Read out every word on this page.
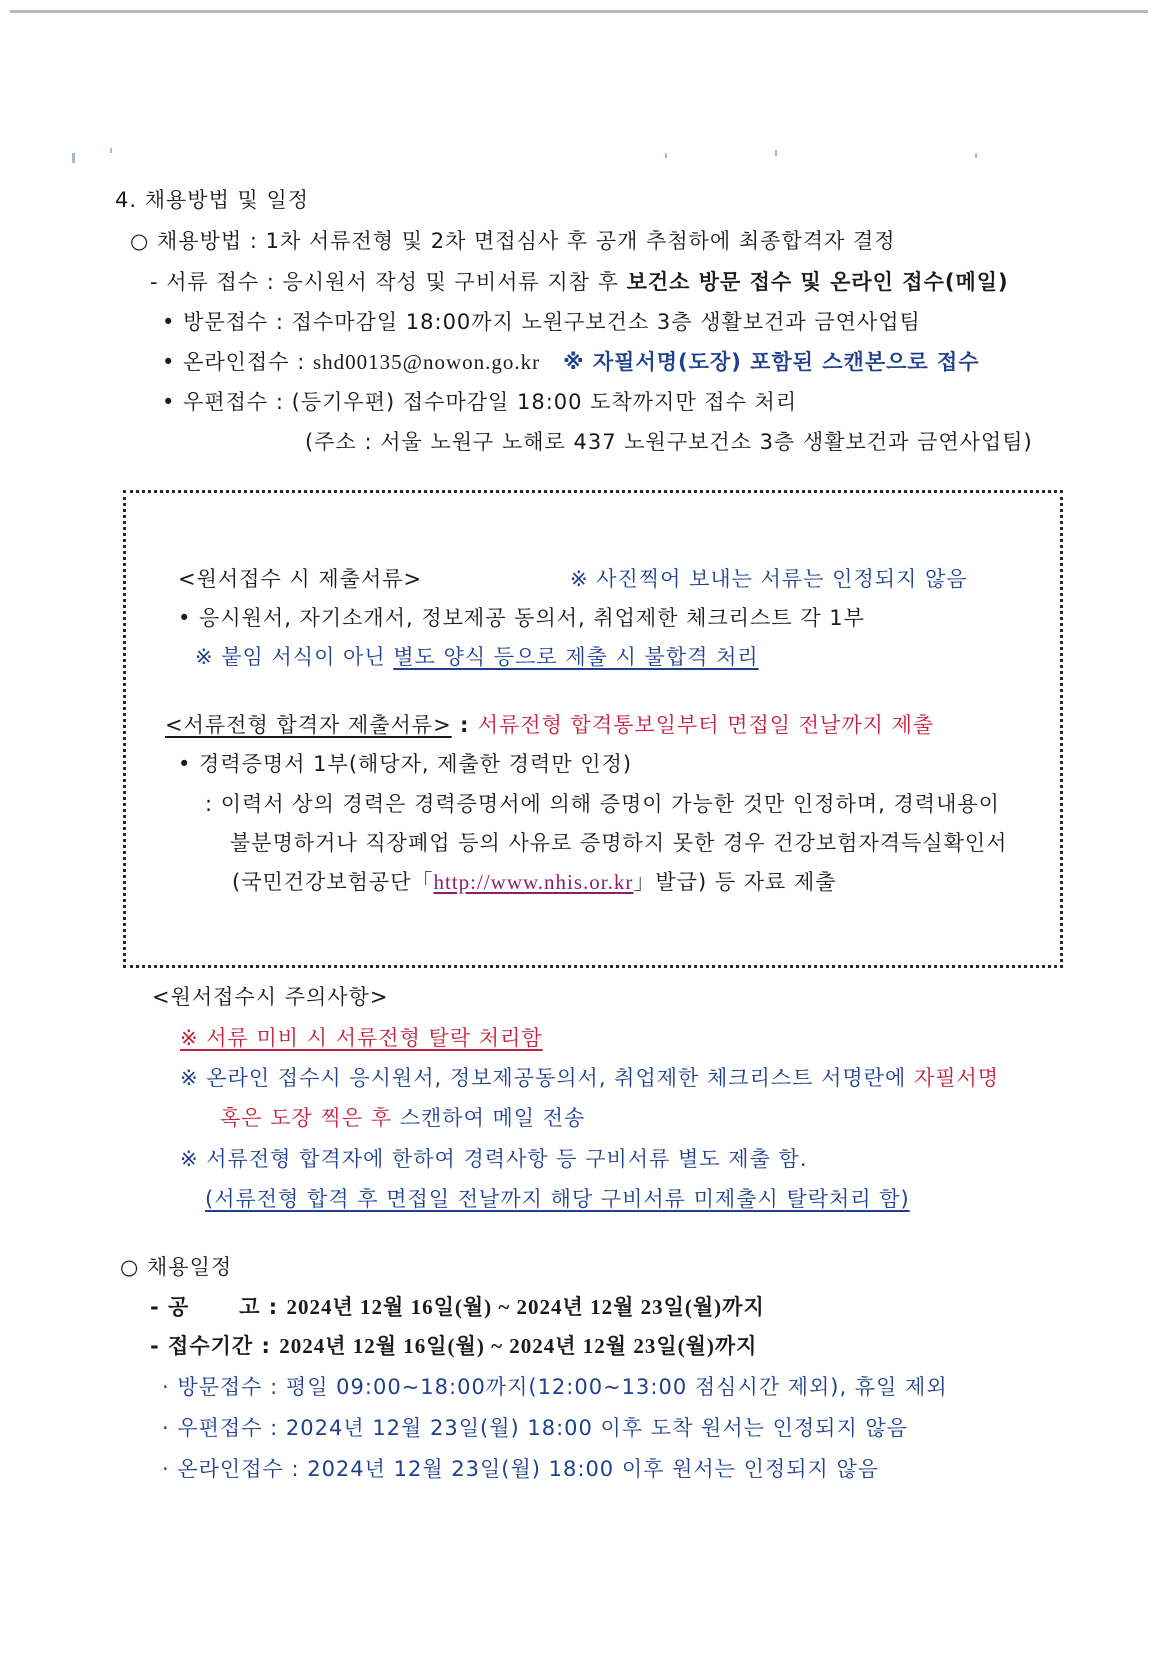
4. 채용방법 및 일정
○ 채용방법 : 1차 서류전형 및 2차 면접심사 후 공개 추첨하에 최종합격자 결정
- 서류 접수 : 응시원서 작성 및 구비서류 지참 후 보건소 방문 접수 및 온라인 접수(메일)
• 방문접수 : 접수마감일 18:00까지 노원구보건소 3층 생활보건과 금연사업팀
• 온라인접수 : shd00135@nowon.go.kr ※ 자필서명(도장) 포함된 스캔본으로 접수
• 우편접수 : (등기우편) 접수마감일 18:00 도착까지만 접수 처리
(주소 : 서울 노원구 노해로 437 노원구보건소 3층 생활보건과 금연사업팀)
<원서접수 시 제출서류>	※ 사진찍어 보내는 서류는 인정되지 않음
• 응시원서, 자기소개서, 정보제공 동의서, 취업제한 체크리스트 각 1부
※ 붙임 서식이 아닌 별도 양식 등으로 제출 시 불합격 처리
<서류전형 합격자 제출서류> : 서류전형 합격통보일부터 면접일 전날까지 제출
• 경력증명서 1부(해당자, 제출한 경력만 인정)
: 이력서 상의 경력은 경력증명서에 의해 증명이 가능한 것만 인정하며, 경력내용이
불분명하거나 직장폐업 등의 사유로 증명하지 못한 경우 건강보험자격득실확인서
(국민건강보험공단「http://www.nhis.or.kr」발급) 등 자료 제출
<원서접수시 주의사항>
※ 서류 미비 시 서류전형 탈락 처리함
※ 온라인 접수시 응시원서, 정보제공동의서, 취업제한 체크리스트 서명란에 자필서명
혹은 도장 찍은 후 스캔하여 메일 전송
※ 서류전형 합격자에 한하여 경력사항 등 구비서류 별도 제출 함.
(서류전형 합격 후 면접일 전날까지 해당 구비서류 미제출시 탈락처리 함)
○ 채용일정
- 공      고 : 2024년 12월 16일(월) ~ 2024년 12월 23일(월)까지
- 접수기간 : 2024년 12월 16일(월) ~ 2024년 12월 23일(월)까지
· 방문접수 : 평일 09:00~18:00까지(12:00~13:00 점심시간 제외), 휴일 제외
· 우편접수 : 2024년 12월 23일(월) 18:00 이후 도착 원서는 인정되지 않음
· 온라인접수 : 2024년 12월 23일(월) 18:00 이후 원서는 인정되지 않음
